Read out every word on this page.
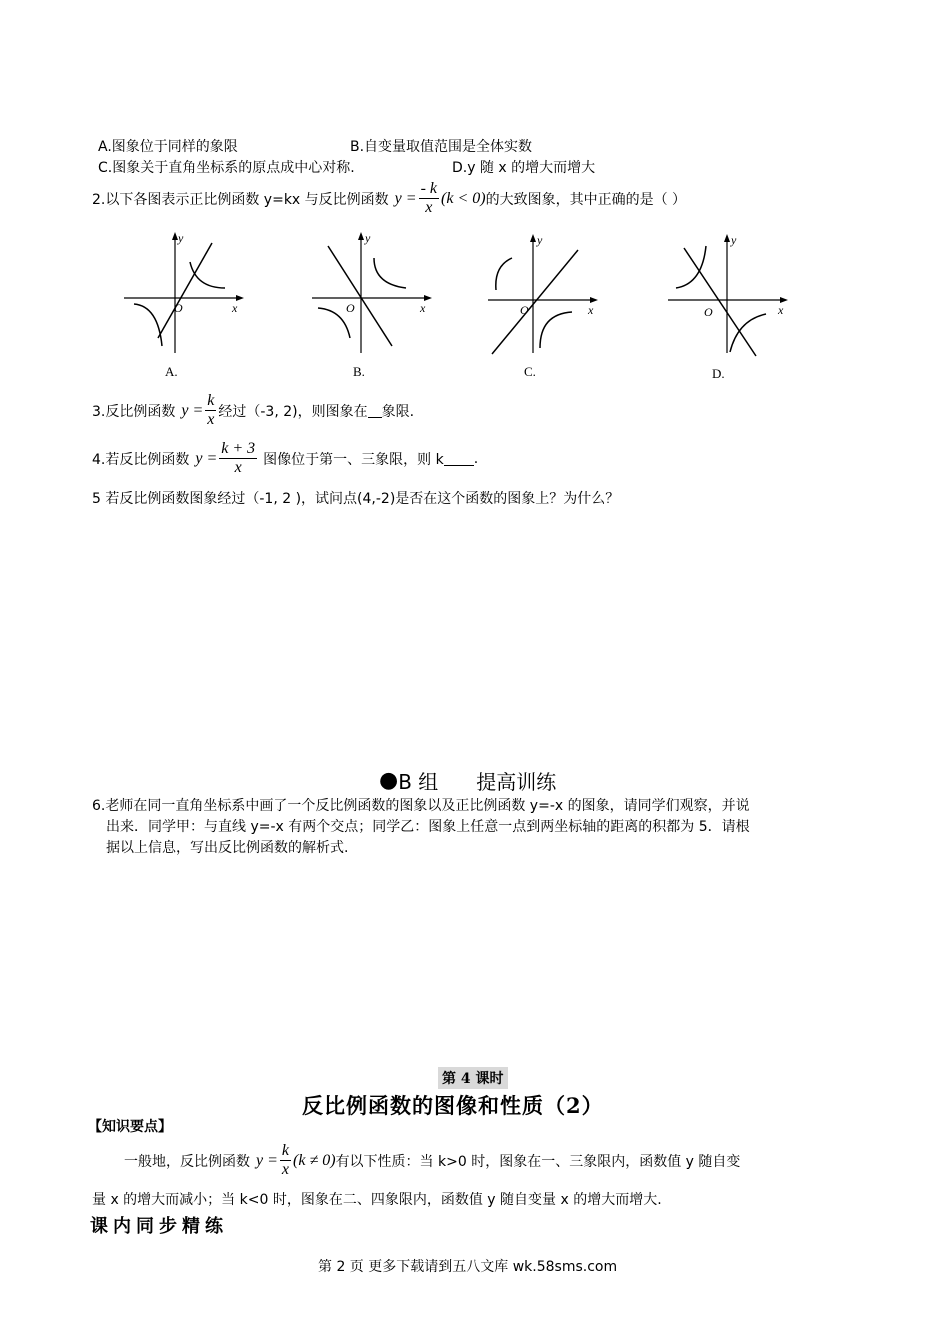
A.图象位于同样的象限	B.自变量取值范围是全体实数
C.图象关于直角坐标系的原点成中心对称.	D.y 随 x 的增大而增大
2.以下各图表示正比例函数 y=kx 与反比例函数 $y = \frac{- k}{x} (k < 0)$ 的大致图象，其中正确的是（ ）
y
x
O
A.
y
x
O
B.
y
x
O
C.
y
x
O
D.
3.反比例函数 $y = \frac{k}{x}$ 经过（-3, 2)，则图象在 象限.
4.若反比例函数 $y = \frac{k + 3}{x}$ 图像位于第一、三象限，则 k .
5 若反比例函数图象经过（-1, 2 )，试问点(4,-2)是否在这个函数的图象上？为什么？
● B 组 提高训练
6.老师在同一直角坐标系中画了一个反比例函数的图象以及正比例函数 y=-x 的图象，请同学们观察，并说
出来．同学甲：与直线 y=-x 有两个交点；同学乙：图象上任意一点到两坐标轴的距离的积都为 5．请根
据以上信息，写出反比例函数的解析式.
第 4 课时
反比例函数的图像和性质（2）
【知识要点】
一般地，反比例函数 $y = \frac{k}{x} (k \ne 0)$ 有以下性质：当 k>0 时，图象在一、三象限内，函数值 y 随自变
量 x 的增大而减小；当 k<0 时，图象在二、四象限内，函数值 y 随自变量 x 的增大而增大.
课内同步精练
第 2 页 更多下载请到五八文库 wk.58sms.com
